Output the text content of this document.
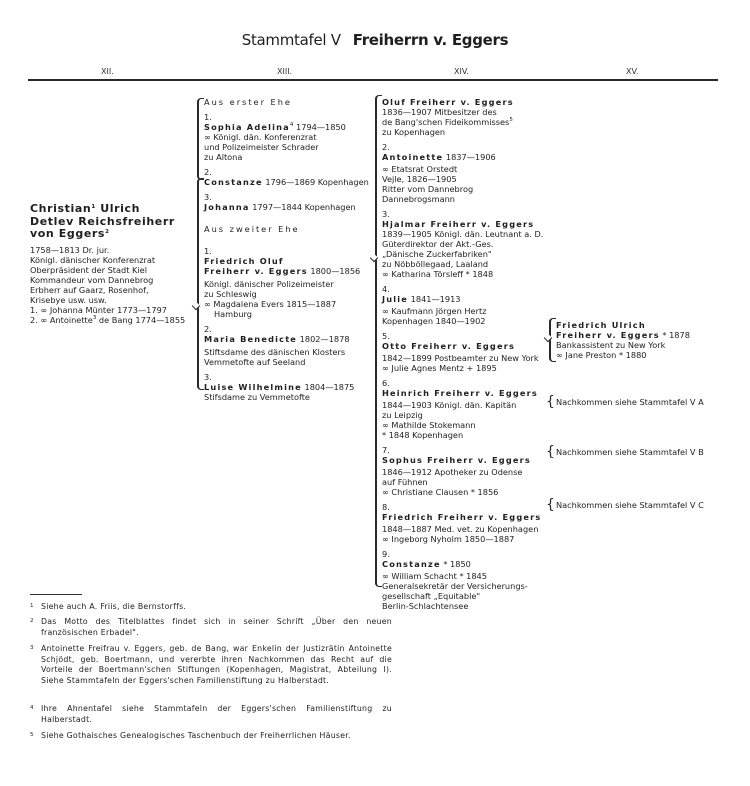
Stammtafel V Freiherrn v. Eggers
XII.	XIII.	XIV.	XV.
Christian$^1$ Ulrich
Detlev Reichsfreiherr
von Eggers$^2$
1758—1813 Dr. jur.
Königl. dänischer Konferenzrat
Oberpräsident der Stadt Kiel
Kommandeur vom Dannebrog
Erbherr auf Gaarz, Rosenhof,
Krisebye usw. usw.
1. ∞ Johanna Münter 1773—1797
2. ∞ Antoinette$^3$ de Bang 1774—1855
Aus erster Ehe
1.
Sophia Adelina$^4$ 1794—1850
∞ Königl. dän. Konferenzrat
und Polizeimeister Schrader
zu Altona
2.
Constanze 1796—1869 Kopenhagen
3.
Johanna 1797—1844 Kopenhagen
Aus zweiter Ehe
1.
Friedrich Oluf
Freiherr v. Eggers 1800—1856
Königl. dänischer Polizeimeister
zu Schleswig
∞ Magdalena Evers 1815—1887
Hamburg
2.
Maria Benedicte 1802—1878
Stiftsdame des dänischen Klosters
Vemmetofte auf Seeland
3.
Luise Wilhelmine 1804—1875
Stifsdame zu Vemmetofte
Oluf Freiherr v. Eggers
1836—1907 Mitbesitzer des
de Bang'schen Fideikommisses$^5$
zu Kopenhagen
2.
Antoinette 1837—1906
∞ Etatsrat Orstedt
Vejle, 1826—1905
Ritter vom Dannebrog
Dannebrogsmann
3.
Hjalmar Freiherr v. Eggers
1839—1905 Königl. dän. Leutnant a. D.
Güterdirektor der Akt.-Ges.
„Dänische Zuckerfabriken"
zu Nöbböllegaad, Laaland
∞ Katharina Törsleff * 1848
4.
Julie 1841—1913
∞ Kaufmann Jörgen Hertz
Kopenhagen 1840—1902
5.
Otto Freiherr v. Eggers
1842—1899 Postbeamter zu New York
∞ Julie Agnes Mentz + 1895
6.
Heinrich Freiherr v. Eggers
1844—1903 Königl. dän. Kapitän
zu Leipzig
∞ Mathilde Stokemann
* 1848 Kopenhagen
7.
Sophus Freiherr v. Eggers
1846—1912 Apotheker zu Odense
auf Fühnen
∞ Christiane Clausen * 1856
8.
Friedrich Freiherr v. Eggers
1848—1887 Med. vet. zu Kopenhagen
∞ Ingeborg Nyholm 1850—1887
9.
Constanze * 1850
∞ William Schacht * 1845
Generalsekretär der Versicherungs-
gesellschaft „Equitable"
Berlin-Schlachtensee
Friedrich Ulrich
Freiherr v. Eggers * 1878
Bankassistent zu New York
∞ Jane Preston * 1880
{ Nachkommen siehe Stammtafel V A
{ Nachkommen siehe Stammtafel V B
{ Nachkommen siehe Stammtafel V C
1 Siehe auch A. Friis, die Bernstorffs.
2 Das Motto des Titelblattes findet sich in seiner Schrift „Über den neuen französischen Erbadel".
3 Antoinette Freifrau v. Eggers, geb. de Bang, war Enkelin der Justizrätin Antoinette Schjödt, geb. Boertmann, und vererbte ihren Nachkommen das Recht auf die Vorteile der Boertmann'schen Stiftungen (Kopenhagen, Magistrat, Abteilung I). Siehe Stammtafeln der Eggers'schen Familienstiftung zu Halberstadt.
4 Ihre Ahnentafel siehe Stammtafeln der Eggers'schen Familienstiftung zu Halberstadt.
5 Siehe Gothaisches Genealogisches Taschenbuch der Freiherrlichen Häuser.
